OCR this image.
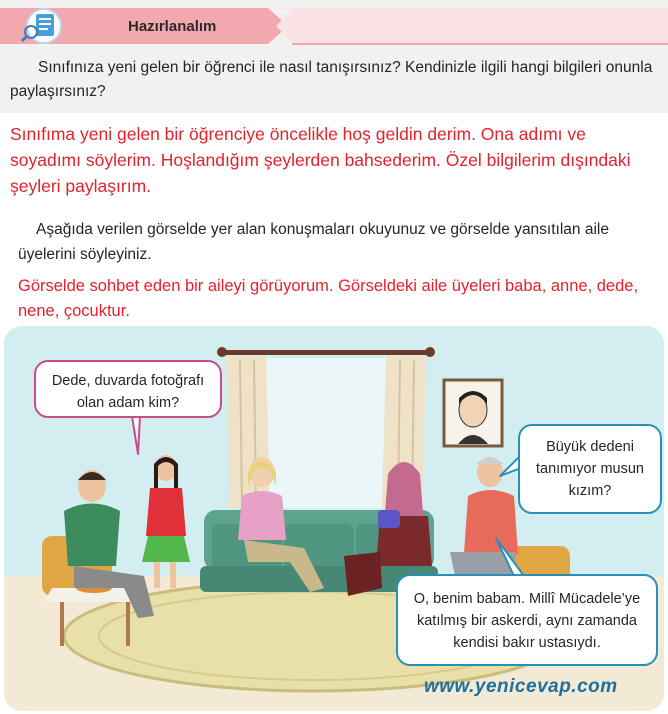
Hazırlanalım
Sınıfınıza yeni gelen bir öğrenci ile nasıl tanışırsınız? Kendinizle ilgili hangi bilgileri onunla paylaşırsınız?
Sınıfıma yeni gelen bir öğrenciye öncelikle hoş geldin derim. Ona adımı ve soyadımı söylerim. Hoşlandığım şeylerden bahsederim. Özel bilgilerim dışındaki şeyleri paylaşırım.
Aşağıda verilen görselde yer alan konuşmaları okuyunuz ve görselde yansıtılan aile üyelerini söyleyiniz.
Görselde sohbet eden bir aileyi görüyorum. Görseldeki aile üyeleri baba, anne, dede, nene, çocuktur.
Dede, duvarda fotoğrafı olan adam kim?
Büyük dedeni tanımıyor musun kızım?
O, benim babam. Millî Mücadele’ye katılmış bir askerdi, aynı zamanda kendisi bakır ustasıydı.
www.yenicevap.com
